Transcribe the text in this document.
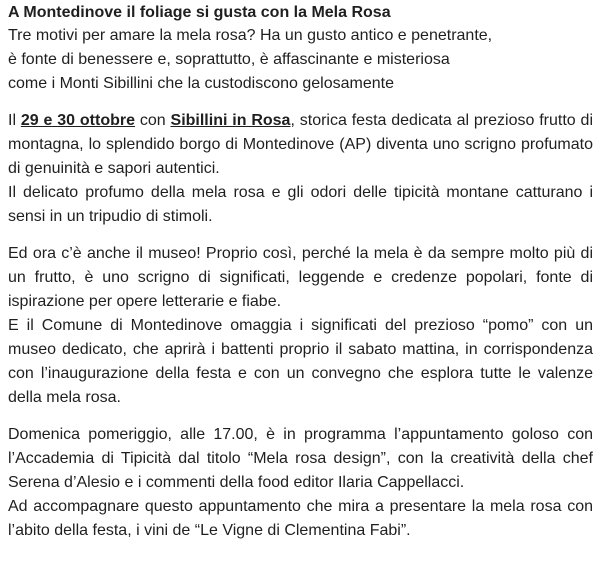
A Montedinove il foliage si gusta con la Mela Rosa

Tre motivi per amare la mela rosa? Ha un gusto antico e penetrante,
è fonte di benessere e, soprattutto, è affascinante e misteriosa
come i Monti Sibillini che la custodiscono gelosamente

Il 29 e 30 ottobre con Sibillini in Rosa, storica festa dedicata al prezioso frutto di
montagna, lo splendido borgo di Montedinove (AP) diventa uno scrigno profumato
di genuinità e sapori autentici.
Il delicato profumo della mela rosa e gli odori delle tipicità montane catturano i
sensi in un tripudio di stimoli.

Ed ora c’è anche il museo! Proprio così, perché la mela è da sempre molto più di
un frutto, è uno scrigno di significati, leggende e credenze popolari, fonte di
ispirazione per opere letterarie e fiabe.
E il Comune di Montedinove omaggia i significati del prezioso “pomo” con un
museo dedicato, che aprirà i battenti proprio il sabato mattina, in corrispondenza
con l’inaugurazione della festa e con un convegno che esplora tutte le valenze
della mela rosa.

Domenica pomeriggio, alle 17.00, è in programma l’appuntamento goloso con
l’Accademia di Tipicità dal titolo “Mela rosa design”, con la creatività della chef
Serena d’Alesio e i commenti della food editor Ilaria Cappellacci.
Ad accompagnare questo appuntamento che mira a presentare la mela rosa con
l’abito della festa, i vini de “Le Vigne di Clementina Fabi”.
